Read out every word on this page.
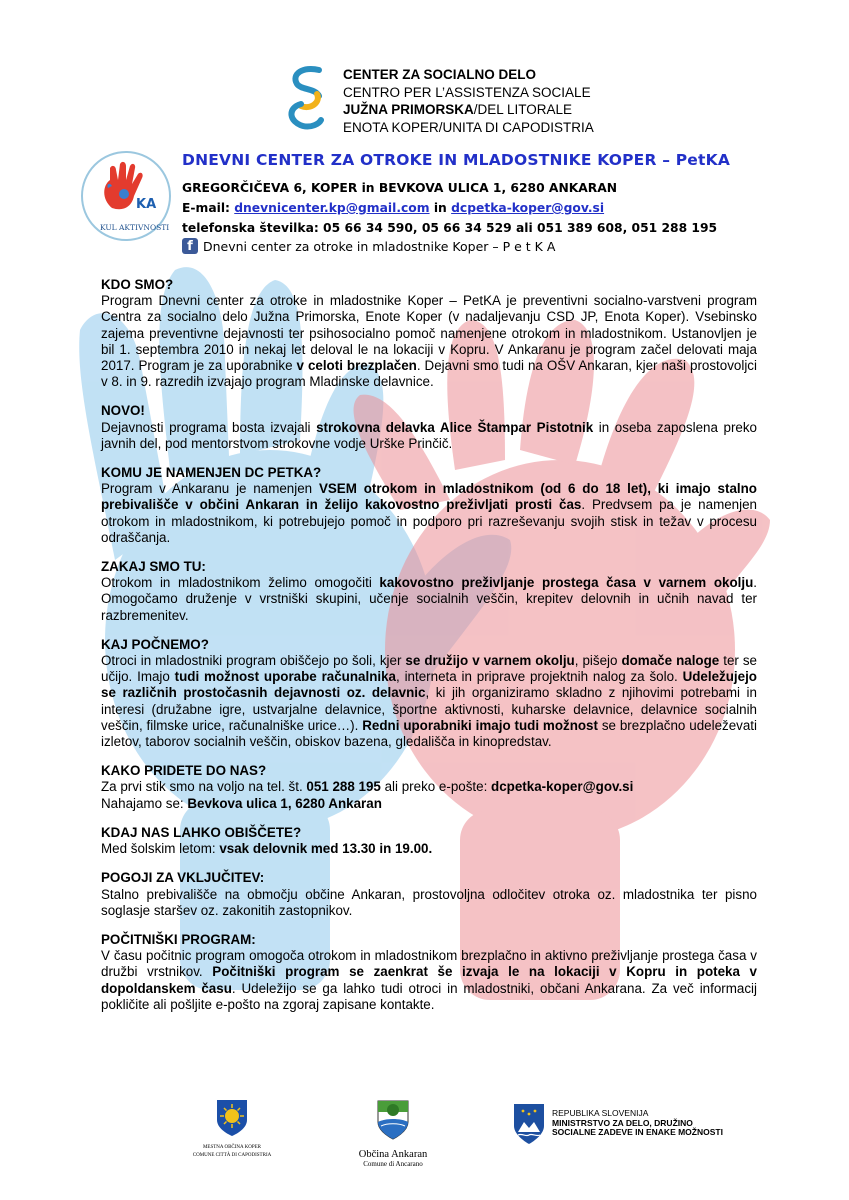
CENTER ZA SOCIALNO DELO
CENTRO PER L’ASSISTENZA SOCIALE
JUŽNA PRIMORSKA/DEL LITORALE
ENOTA KOPER/UNITA DI CAPODISTRIA
KA
KUL AKTIVNOSTI
DNEVNI CENTER ZA OTROKE IN MLADOSTNIKE KOPER – PetKA
GREGORČIČEVA 6, KOPER in BEVKOVA ULICA 1, 6280 ANKARAN
E-mail: dnevnicenter.kp@gmail.com in dcpetka-koper@gov.si
telefonska številka: 05 66 34 590, 05 66 34 529 ali 051 389 608, 051 288 195
f Dnevni center za otroke in mladostnike Koper – P e t K A
KDO SMO?

Program Dnevni center za otroke in mladostnike Koper – PetKA je preventivni socialno-varstveni program Centra za socialno delo Južna Primorska, Enote Koper (v nadaljevanju CSD JP, Enota Koper). Vsebinsko zajema preventivne dejavnosti ter psihosocialno pomoč namenjene otrokom in mladostnikom. Ustanovljen je bil 1. septembra 2010 in nekaj let deloval le na lokaciji v Kopru. V Ankaranu je program začel delovati maja 2017. Program je za uporabnike v celoti brezplačen. Dejavni smo tudi na OŠV Ankaran, kjer naši prostovoljci v 8. in 9. razredih izvajajo program Mladinske delavnice.

NOVO!

Dejavnosti programa bosta izvajali strokovna delavka Alice Štampar Pistotnik in oseba zaposlena preko javnih del, pod mentorstvom strokovne vodje Urške Prinčič.

KOMU JE NAMENJEN DC PETKA?

Program v Ankaranu je namenjen VSEM otrokom in mladostnikom (od 6 do 18 let), ki imajo stalno prebivališče v občini Ankaran in želijo kakovostno preživljati prosti čas. Predvsem pa je namenjen otrokom in mladostnikom, ki potrebujejo pomoč in podporo pri razreševanju svojih stisk in težav v procesu odraščanja.

ZAKAJ SMO TU:

Otrokom in mladostnikom želimo omogočiti kakovostno preživljanje prostega časa v varnem okolju. Omogočamo druženje v vrstniški skupini, učenje socialnih veščin, krepitev delovnih in učnih navad ter razbremenitev.

KAJ POČNEMO?

Otroci in mladostniki program obiščejo po šoli, kjer se družijo v varnem okolju, pišejo domače naloge ter se učijo. Imajo tudi možnost uporabe računalnika, interneta in priprave projektnih nalog za šolo. Udeležujejo se različnih prostočasnih dejavnosti oz. delavnic, ki jih organiziramo skladno z njihovimi potrebami in interesi (družabne igre, ustvarjalne delavnice, športne aktivnosti, kuharske delavnice, delavnice socialnih veščin, filmske urice, računalniške urice…). Redni uporabniki imajo tudi možnost se brezplačno udeleževati izletov, taborov socialnih veščin, obiskov bazena, gledališča in kinopredstav.

KAKO PRIDETE DO NAS?

Za prvi stik smo na voljo na tel. št. 051 288 195 ali preko e-pošte: dcpetka-koper@gov.si
Nahajamo se: Bevkova ulica 1, 6280 Ankaran

KDAJ NAS LAHKO OBIŠČETE?

Med šolskim letom: vsak delovnik med 13.30 in 19.00.

POGOJI ZA VKLJUČITEV:

Stalno prebivališče na območju občine Ankaran, prostovoljna odločitev otroka oz. mladostnika ter pisno soglasje staršev oz. zakonitih zastopnikov.

POČITNIŠKI PROGRAM:

V času počitnic program omogoča otrokom in mladostnikom brezplačno in aktivno preživljanje prostega časa v družbi vrstnikov. Počitniški program se zaenkrat še izvaja le na lokaciji v Kopru in poteka v dopoldanskem času. Udeležijo se ga lahko tudi otroci in mladostniki, občani Ankarana. Za več informacij pokličite ali pošljite e-pošto na zgoraj zapisane kontakte.

MESTNA OBČINA KOPER
COMUNE CITTÀ DI CAPODISTRIA	Občina Ankaran
Comune di Ancarano
REPUBLIKA SLOVENIJA
MINISTRSTVO ZA DELO, DRUŽINO
SOCIALNE ZADEVE IN ENAKE MOŽNOSTI
